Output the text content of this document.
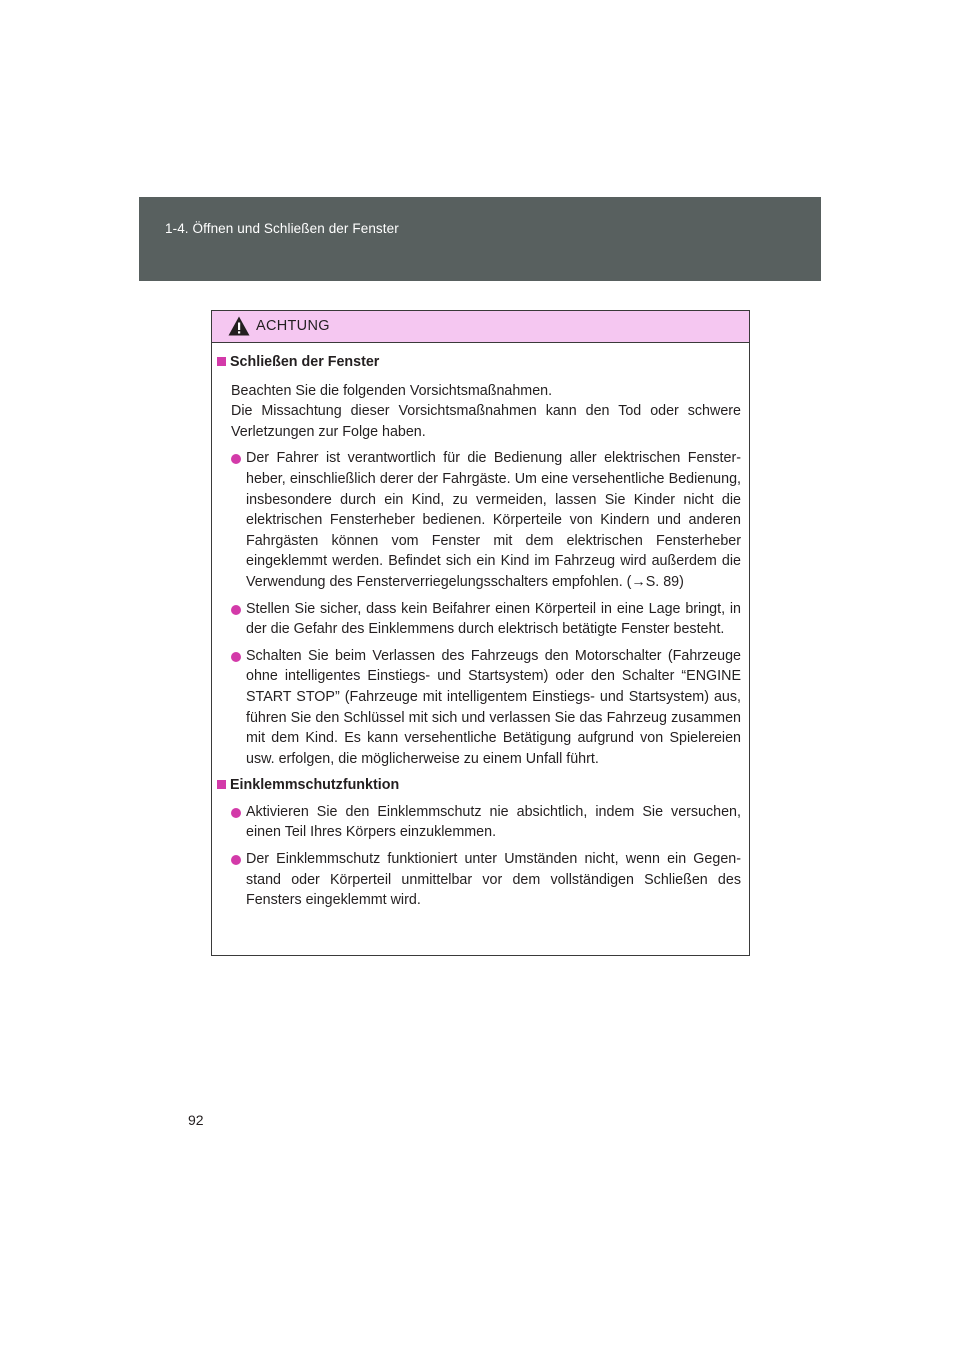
1-4. Öffnen und Schließen der Fenster
ACHTUNG
Schließen der Fenster

Beachten Sie die folgenden Vorsichtsmaßnahmen.

Die Missachtung dieser Vorsichtsmaßnahmen kann den Tod oder schwere Verletzungen zur Folge haben.

Der Fahrer ist verantwortlich für die Bedienung aller elektrischen Fensterheber, einschließlich derer der Fahrgäste. Um eine versehentliche Bedienung, insbesondere durch ein Kind, zu vermeiden, lassen Sie Kinder nicht die elektrischen Fensterheber bedienen. Körperteile von Kindern und anderen Fahrgästen können vom Fenster mit dem elektrischen Fensterheber eingeklemmt werden. Befindet sich ein Kind im Fahrzeug wird außerdem die Verwendung des Fensterverriegelungsschalters empfohlen. (→S. 89)
Stellen Sie sicher, dass kein Beifahrer einen Körperteil in eine Lage bringt, in der die Gefahr des Einklemmens durch elektrisch betätigte Fenster besteht.
Schalten Sie beim Verlassen des Fahrzeugs den Motorschalter (Fahrzeuge ohne intelligentes Einstiegs- und Startsystem) oder den Schalter “ENGINE START STOP” (Fahrzeuge mit intelligentem Einstiegs- und Startsystem) aus, führen Sie den Schlüssel mit sich und verlassen Sie das Fahrzeug zusammen mit dem Kind. Es kann versehentliche Betätigung aufgrund von Spielereien usw. erfolgen, die möglicherweise zu einem Unfall führt.
Einklemmschutzfunktion
Aktivieren Sie den Einklemmschutz nie absichtlich, indem Sie versuchen, einen Teil Ihres Körpers einzuklemmen.
Der Einklemmschutz funktioniert unter Umständen nicht, wenn ein Gegenstand oder Körperteil unmittelbar vor dem vollständigen Schließen des Fensters eingeklemmt wird.
92
